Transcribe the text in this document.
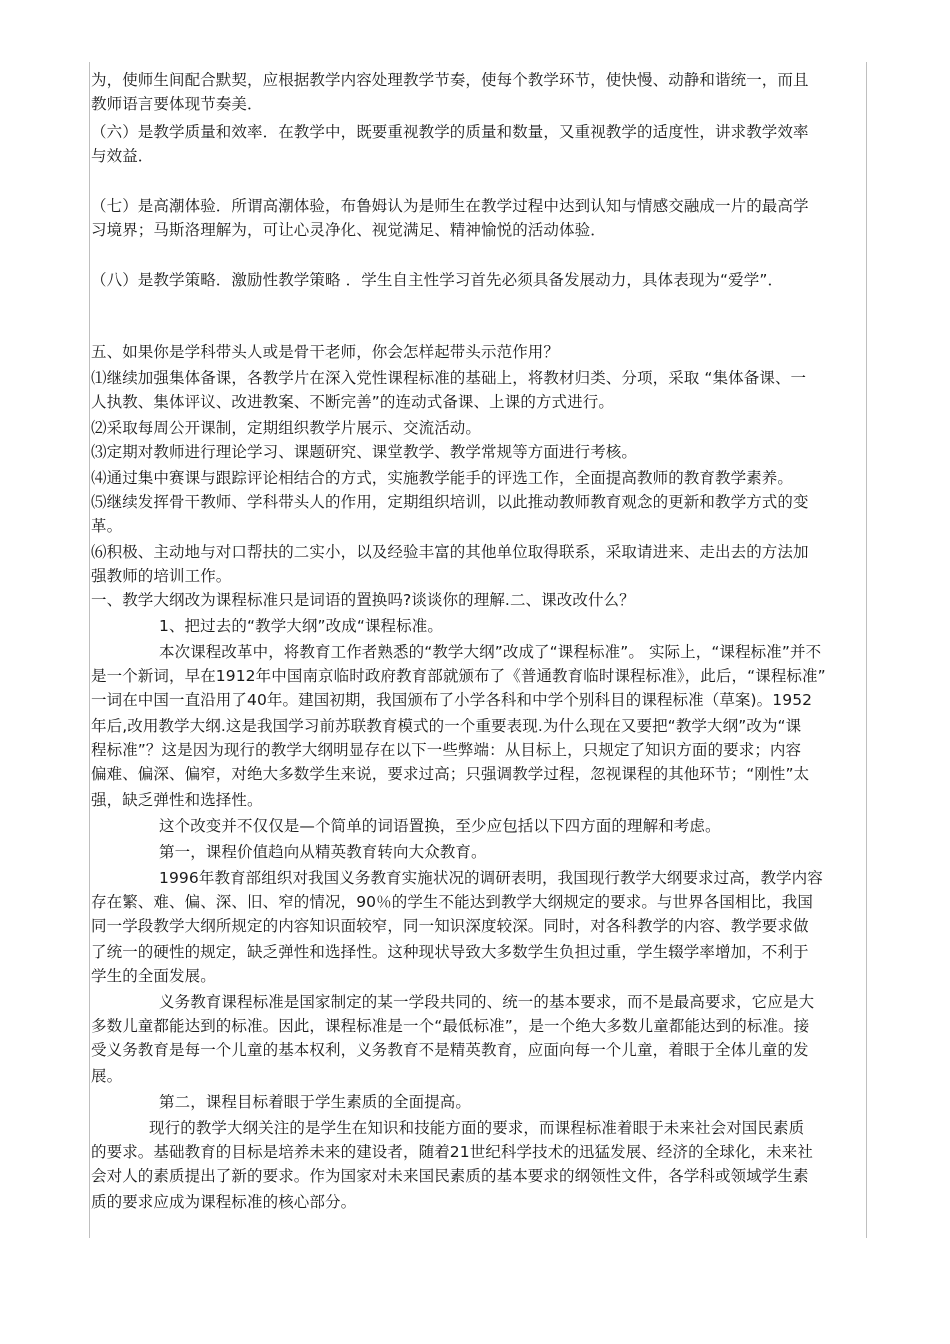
为，使师生间配合默契，应根据教学内容处理教学节奏，使每个教学环节，使快慢、动静和谐统一，而且
教师语言要体现节奏美．
（六）是教学质量和效率．在教学中，既要重视教学的质量和数量，又重视教学的适度性，讲求教学效率
与效益．
（七）是高潮体验．所谓高潮体验，布鲁姆认为是师生在教学过程中达到认知与情感交融成一片的最高学
习境界；马斯洛理解为，可让心灵净化、视觉满足、精神愉悦的活动体验．
（八）是教学策略．激励性教学策略 ．学生自主性学习首先必须具备发展动力，具体表现为“爱学”．
五、如果你是学科带头人或是骨干老师，你会怎样起带头示范作用？
⑴继续加强集体备课，各教学片在深入党性课程标准的基础上，将教材归类、分项，采取 “集体备课、一
人执教、集体评议、改进教案、不断完善”的连动式备课、上课的方式进行。
⑵采取每周公开课制，定期组织教学片展示、交流活动。
⑶定期对教师进行理论学习、课题研究、课堂教学、教学常规等方面进行考核。
⑷通过集中赛课与跟踪评论相结合的方式，实施教学能手的评选工作，全面提高教师的教育教学素养。
⑸继续发挥骨干教师、学科带头人的作用，定期组织培训，以此推动教师教育观念的更新和教学方式的变
革。
⑹积极、主动地与对口帮扶的二实小，以及经验丰富的其他单位取得联系，采取请进来、走出去的方法加
强教师的培训工作。
一、教学大纲改为课程标准只是词语的置换吗?谈谈你的理解.二、课改改什么？
1、把过去的“教学大纲”改成“课程标准。
本次课程改革中，将教育工作者熟悉的“教学大纲”改成了“课程标准”。 实际上，“课程标准”并不
是一个新词，早在1912年中国南京临时政府教育部就颁布了《普通教育临时课程标准》，此后，“课程标准”
一词在中国一直沿用了40年。建国初期，我国颁布了小学各科和中学个别科目的课程标准（草案)。1952
年后,改用教学大纲.这是我国学习前苏联教育模式的一个重要表现.为什么现在又要把“教学大纲”改为“课
程标准”？这是因为现行的教学大纲明显存在以下一些弊端：从目标上，只规定了知识方面的要求；内容
偏难、偏深、偏窄，对绝大多数学生来说，要求过高；只强调教学过程，忽视课程的其他环节；“刚性”太
强，缺乏弹性和选择性。
这个改变并不仅仅是—个简单的词语置换，至少应包括以下四方面的理解和考虑。
第一，课程价值趋向从精英教育转向大众教育。
1996年教育部组织对我国义务教育实施状况的调研表明，我国现行教学大纲要求过高，教学内容
存在繁、难、偏、深、旧、窄的情况，90％的学生不能达到教学大纲规定的要求。与世界各国相比，我国
同一学段教学大纲所规定的内容知识面较窄，同一知识深度较深。同时，对各科教学的内容、教学要求做
了统一的硬性的规定，缺乏弹性和选择性。这种现状导致大多数学生负担过重，学生辍学率增加，不利于
学生的全面发展。
义务教育课程标准是国家制定的某一学段共同的、统一的基本要求，而不是最高要求，它应是大
多数儿童都能达到的标准。因此，课程标准是一个“最低标准”，是一个绝大多数儿童都能达到的标准。接
受义务教育是每一个儿童的基本权利，义务教育不是精英教育，应面向每一个儿童，着眼于全体儿童的发
展。
第二，课程目标着眼于学生素质的全面提高。
现行的教学大纲关注的是学生在知识和技能方面的要求，而课程标准着眼于未来社会对国民素质
的要求。基础教育的目标是培养未来的建设者，随着21世纪科学技术的迅猛发展、经济的全球化，未来社
会对人的素质提出了新的要求。作为国家对未来国民素质的基本要求的纲领性文件，各学科或领域学生素
质的要求应成为课程标准的核心部分。
